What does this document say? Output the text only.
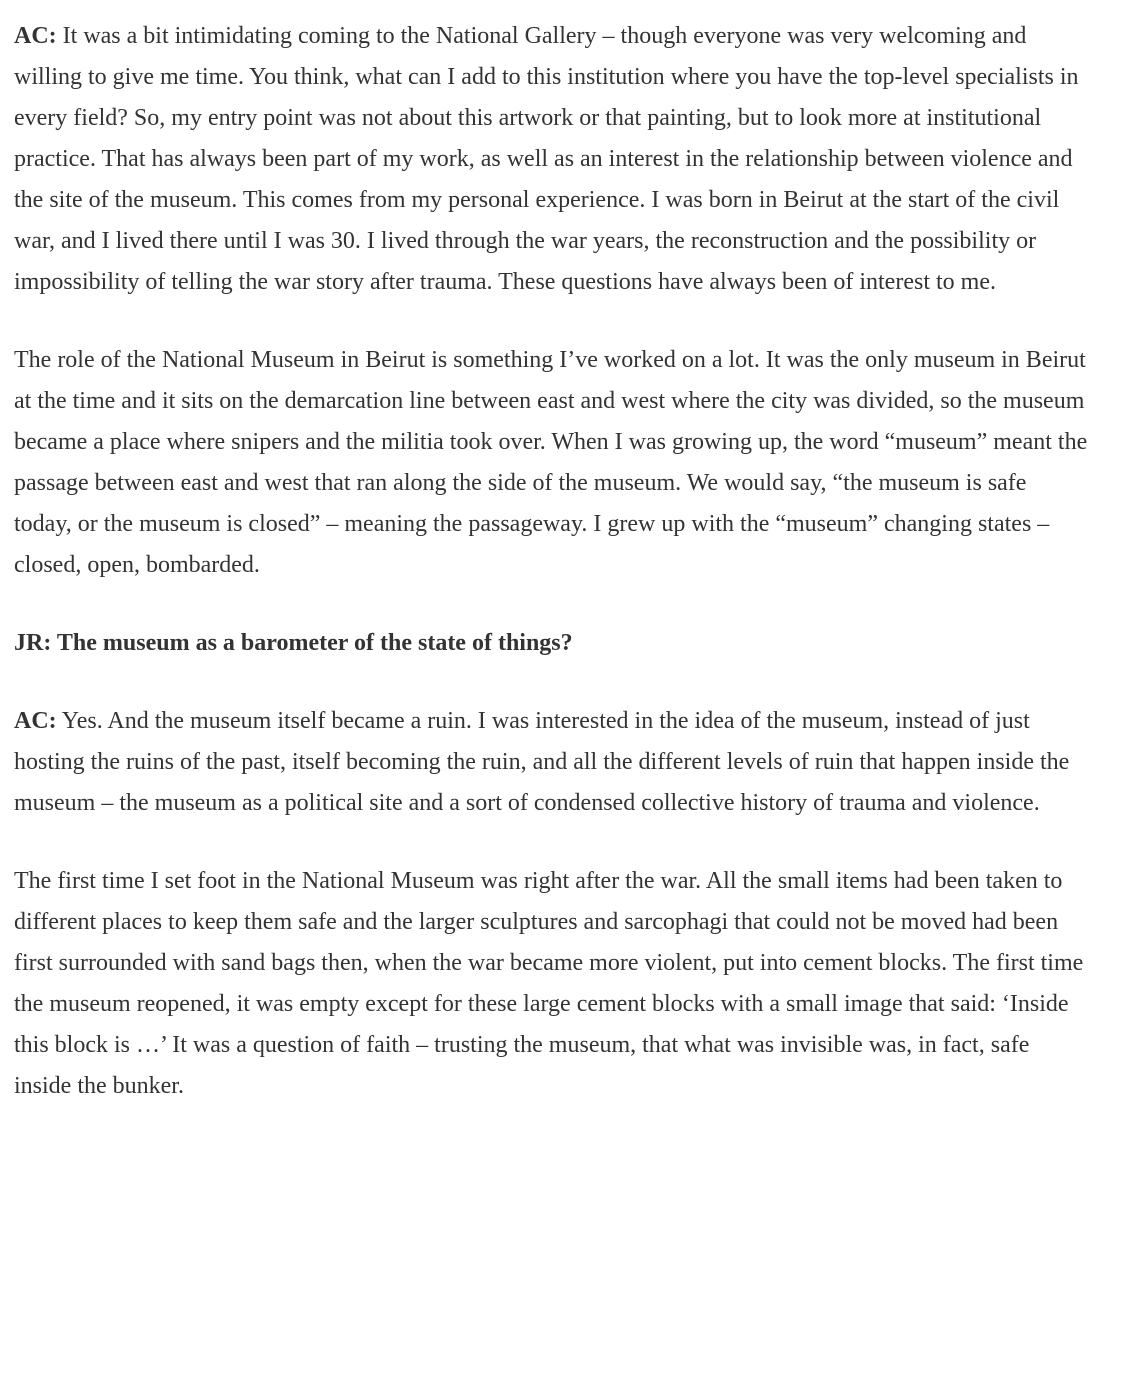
AC: It was a bit intimidating coming to the National Gallery – though everyone was very welcoming and willing to give me time. You think, what can I add to this institution where you have the top-level specialists in every field? So, my entry point was not about this artwork or that painting, but to look more at institutional practice. That has always been part of my work, as well as an interest in the relationship between violence and the site of the museum. This comes from my personal experience. I was born in Beirut at the start of the civil war, and I lived there until I was 30. I lived through the war years, the reconstruction and the possibility or impossibility of telling the war story after trauma. These questions have always been of interest to me.

The role of the National Museum in Beirut is something I’ve worked on a lot. It was the only museum in Beirut at the time and it sits on the demarcation line between east and west where the city was divided, so the museum became a place where snipers and the militia took over. When I was growing up, the word “museum” meant the passage between east and west that ran along the side of the museum. We would say, “the museum is safe today, or the museum is closed” – meaning the passageway. I grew up with the “museum” changing states – closed, open, bombarded.

JR: The museum as a barometer of the state of things?

AC: Yes. And the museum itself became a ruin. I was interested in the idea of the museum, instead of just hosting the ruins of the past, itself becoming the ruin, and all the different levels of ruin that happen inside the museum – the museum as a political site and a sort of condensed collective history of trauma and violence.

The first time I set foot in the National Museum was right after the war. All the small items had been taken to different places to keep them safe and the larger sculptures and sarcophagi that could not be moved had been first surrounded with sand bags then, when the war became more violent, put into cement blocks. The first time the museum reopened, it was empty except for these large cement blocks with a small image that said: ‘Inside this block is …’ It was a question of faith – trusting the museum, that what was invisible was, in fact, safe inside the bunker.
